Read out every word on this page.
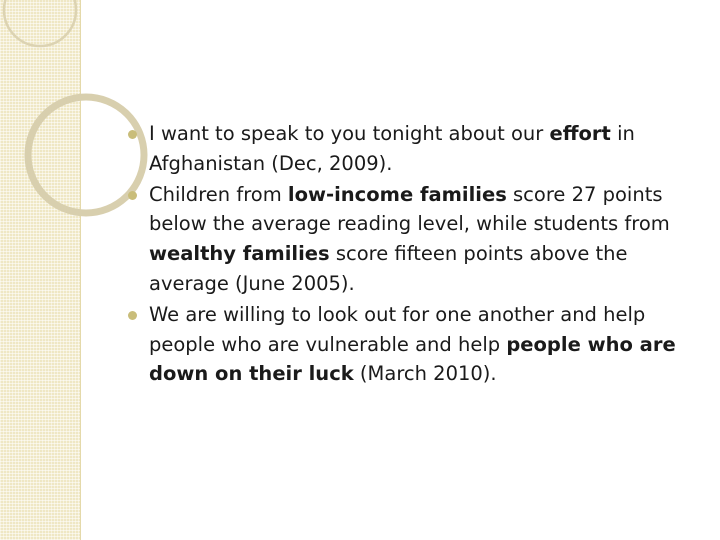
I want to speak to you tonight about our effort in Afghanistan (Dec, 2009).
Children from low-income families score 27 points below the average reading level, while students from wealthy families score fifteen points above the average (June 2005).
We are willing to look out for one another and help people who are vulnerable and help people who are down on their luck (March 2010).
